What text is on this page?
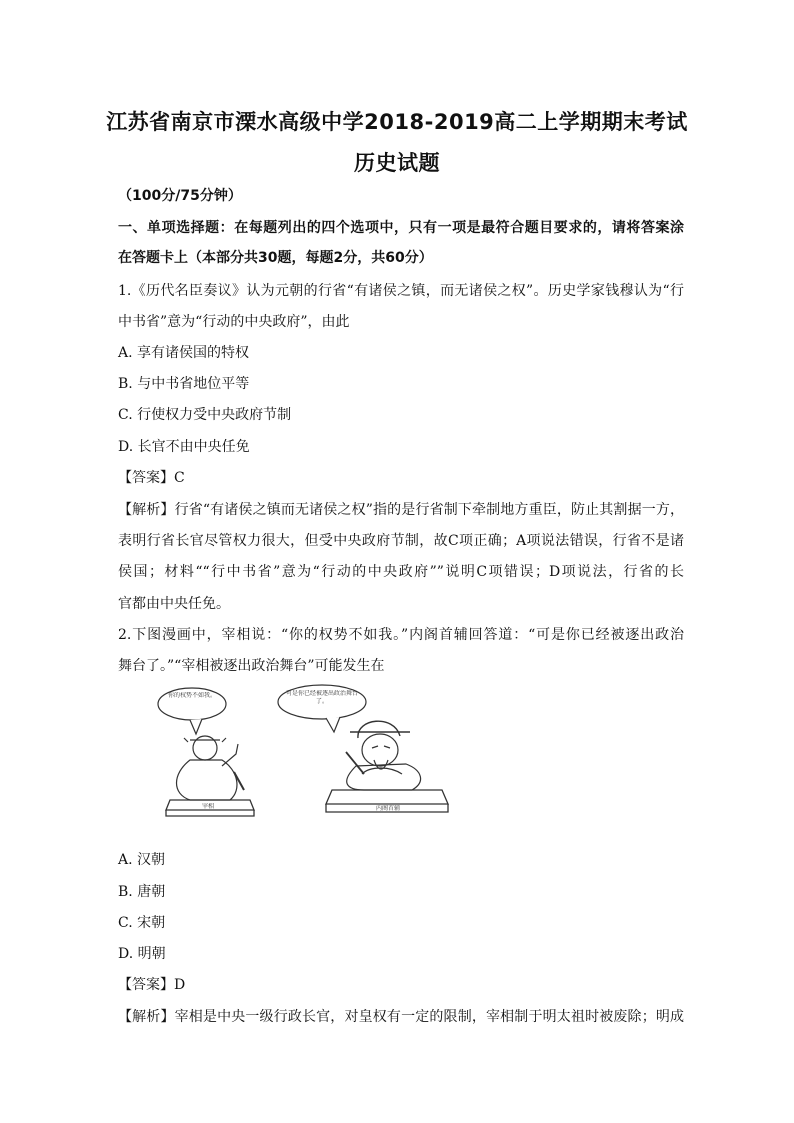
江苏省南京市溧水高级中学2018-2019高二上学期期末考试
历史试题
（100分/75分钟）
一、单项选择题：在每题列出的四个选项中，只有一项是最符合题目要求的，请将答案涂
在答题卡上（本部分共30题，每题2分，共60分）
1.《历代名臣奏议》认为元朝的行省“有诸侯之镇，而无诸侯之权”。历史学家钱穆认为“行
中书省”意为“行动的中央政府”，由此
A. 享有诸侯国的特权
B. 与中书省地位平等
C. 行使权力受中央政府节制
D. 长官不由中央任免
【答案】C
【解析】行省“有诸侯之镇而无诸侯之权”指的是行省制下牵制地方重臣，防止其割据一方，
表明行省长官尽管权力很大，但受中央政府节制，故C项正确；A项说法错误，行省不是诸
侯国；材料““行中书省”意为“行动的中央政府””说明C项错误；D项说法，行省的长
官都由中央任免。
2.下图漫画中，宰相说：“你的权势不如我。”内阁首辅回答道：“可是你已经被逐出政治
舞台了。”“宰相被逐出政治舞台”可能发生在
你的权势不如我。
宰相
可是你已经被逐出政治舞台了。
内阁首辅
A. 汉朝
B. 唐朝
C. 宋朝
D. 明朝
【答案】D
【解析】宰相是中央一级行政长官，对皇权有一定的限制，宰相制于明太祖时被废除；明成
